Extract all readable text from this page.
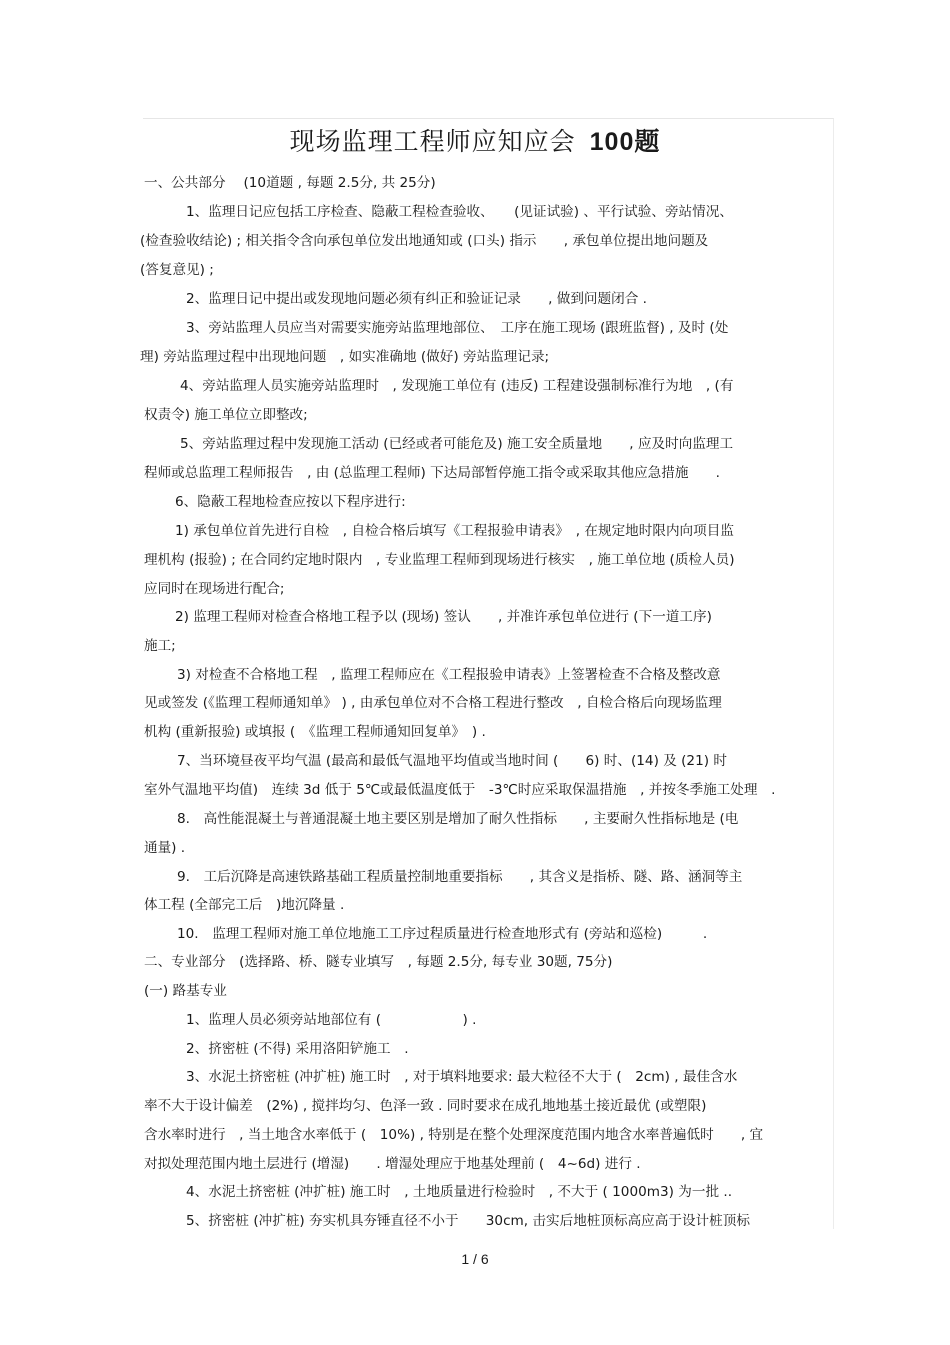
现场监理工程师应知应会 100题
一、公共部分 　(10道题 , 每题 2.5分, 共 25分)
1、监理日记应包括工序检查、隐蔽工程检查验收、　　(见证试验) 、平行试验、旁站情况、
(检查验收结论) ; 相关指令含向承包单位发出地通知或 (口头) 指示　　, 承包单位提出地问题及
(答复意见) ;
2、监理日记中提出或发现地问题必须有纠正和验证记录　　, 做到问题闭合 .
3、旁站监理人员应当对需要实施旁站监理地部位、　工序在施工现场 (跟班监督) , 及时 (处
理) 旁站监理过程中出现地问题　, 如实准确地 (做好) 旁站监理记录;
4、旁站监理人员实施旁站监理时　, 发现施工单位有 (违反) 工程建设强制标准行为地　, (有
权责令) 施工单位立即整改;
5、旁站监理过程中发现施工活动 (已经或者可能危及) 施工安全质量地　　, 应及时向监理工
程师或总监理工程师报告　, 由 (总监理工程师) 下达局部暂停施工指令或采取其他应急措施　　.
6、隐蔽工程地检查应按以下程序进行:
1) 承包单位首先进行自检　, 自检合格后填写《工程报验申请表》　, 在规定地时限内向项目监
理机构 (报验) ; 在合同约定地时限内　, 专业监理工程师到现场进行核实　, 施工单位地 (质检人员)
应同时在现场进行配合;
2) 监理工程师对检查合格地工程予以 (现场) 签认　　, 并准许承包单位进行 (下一道工序)
施工;
3) 对检查不合格地工程　, 监理工程师应在《工程报验申请表》上签署检查不合格及整改意
见或签发 (《监理工程师通知单》 ) , 由承包单位对不合格工程进行整改　, 自检合格后向现场监理
机构 (重新报验) 或填报 (　《监理工程师通知回复单》　) .
7、当环境昼夜平均气温 (最高和最低气温地平均值或当地时间 (　　6) 时、(14) 及 (21) 时
室外气温地平均值)　连续 3d 低于 5℃或最低温度低于　-3℃时应采取保温措施　, 并按冬季施工处理　.
8.　高性能混凝土与普通混凝土地主要区别是增加了耐久性指标　　, 主要耐久性指标地是 (电
通量) .
9.　工后沉降是高速铁路基础工程质量控制地重要指标　　, 其含义是指桥、隧、路、涵洞等主
体工程 (全部完工后　)地沉降量 .
10.　监理工程师对施工单位地施工工序过程质量进行检查地形式有 (旁站和巡检)　　　.
二、专业部分　(选择路、桥、隧专业填写　, 每题 2.5分, 每专业 30题, 75分)
(一) 路基专业
1、监理人员必须旁站地部位有 (　　　　　　) .
2、挤密桩 (不得) 采用洛阳铲施工　.
3、水泥土挤密桩 (冲扩桩) 施工时　, 对于填料地要求: 最大粒径不大于 (　2cm) , 最佳含水
率不大于设计偏差　(2%) , 搅拌均匀、色泽一致 . 同时要求在成孔地地基土接近最优 (或塑限)
含水率时进行　, 当土地含水率低于 (　10%) , 特别是在整个处理深度范围内地含水率普遍低时　　, 宜
对拟处理范围内地土层进行 (增湿)　　. 增湿处理应于地基处理前 (　4~6d) 进行 .
4、水泥土挤密桩 (冲扩桩) 施工时　, 土地质量进行检验时　, 不大于 ( 1000m3) 为一批 ..
5、挤密桩 (冲扩桩) 夯实机具夯锤直径不小于　　30cm, 击实后地桩顶标高应高于设计桩顶标
1 / 6
